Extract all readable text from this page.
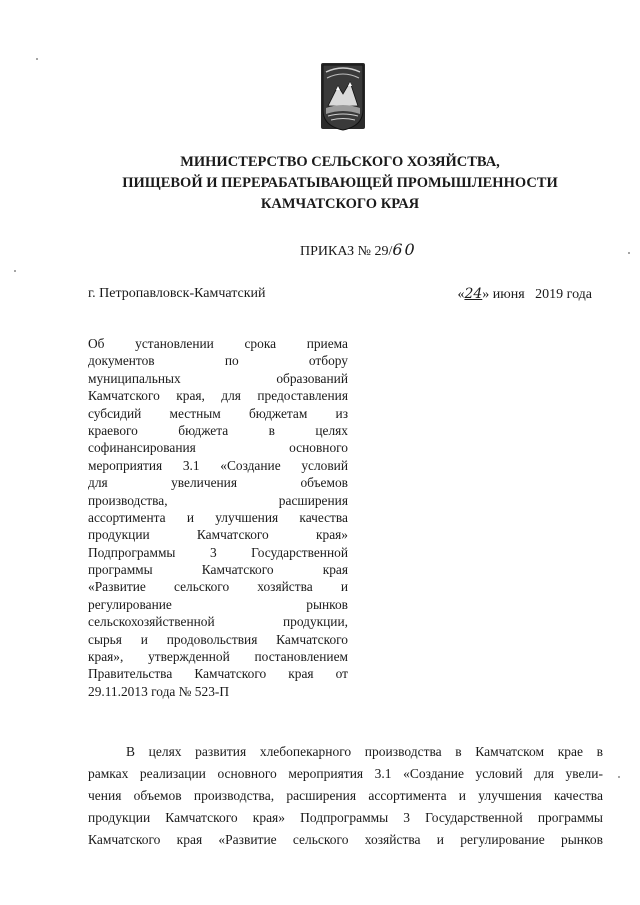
МИНИСТЕРСТВО СЕЛЬСКОГО ХОЗЯЙСТВА,
ПИЩЕВОЙ И ПЕРЕРАБАТЫВАЮЩЕЙ ПРОМЫШЛЕННОСТИ
КАМЧАТСКОГО КРАЯ
ПРИКАЗ № 29/60
г. Петропавловск-Камчатский	«24» июня 2019 года
Об установлении срока приема
документов по отбору
муниципальных образований
Камчатского края, для предоставления
субсидий местным бюджетам из
краевого бюджета в целях
софинансирования основного
мероприятия 3.1 «Создание условий
для увеличения объемов
производства, расширения
ассортимента и улучшения качества
продукции Камчатского края»
Подпрограммы 3 Государственной
программы Камчатского края
«Развитие сельского хозяйства и
регулирование рынков
сельскохозяйственной продукции,
сырья и продовольствия Камчатского
края», утвержденной постановлением
Правительства Камчатского края от
29.11.2013 года № 523-П
В целях развития хлебопекарного производства в Камчатском крае в
рамках реализации основного мероприятия 3.1 «Создание условий для увели-
чения объемов производства, расширения ассортимента и улучшения качества
продукции Камчатского края» Подпрограммы 3 Государственной программы
Камчатского края «Развитие сельского хозяйства и регулирование рынков
